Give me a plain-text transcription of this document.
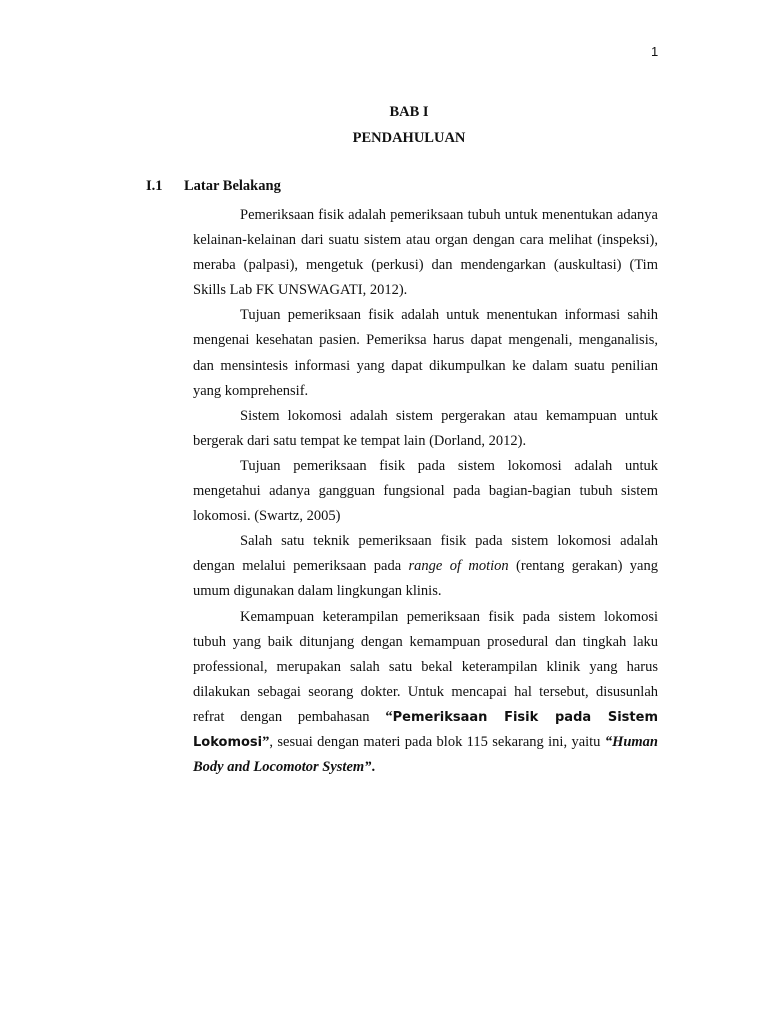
1
BAB I
PENDAHULUAN
I.1 Latar Belakang

Pemeriksaan fisik adalah pemeriksaan tubuh untuk menentukan adanya kelainan-kelainan dari suatu sistem atau organ dengan cara melihat (inspeksi), meraba (palpasi), mengetuk (perkusi) dan mendengarkan (auskultasi) (Tim Skills Lab FK UNSWAGATI, 2012).

Tujuan pemeriksaan fisik adalah untuk menentukan informasi sahih mengenai kesehatan pasien. Pemeriksa harus dapat mengenali, menganalisis, dan mensintesis informasi yang dapat dikumpulkan ke dalam suatu penilian yang komprehensif.

Sistem lokomosi adalah sistem pergerakan atau kemampuan untuk bergerak dari satu tempat ke tempat lain (Dorland, 2012).

Tujuan pemeriksaan fisik pada sistem lokomosi adalah untuk mengetahui adanya gangguan fungsional pada bagian-bagian tubuh sistem lokomosi. (Swartz, 2005)

Salah satu teknik pemeriksaan fisik pada sistem lokomosi adalah dengan melalui pemeriksaan pada range of motion (rentang gerakan) yang umum digunakan dalam lingkungan klinis.

Kemampuan keterampilan pemeriksaan fisik pada sistem lokomosi tubuh yang baik ditunjang dengan kemampuan prosedural dan tingkah laku professional, merupakan salah satu bekal keterampilan klinik yang harus dilakukan sebagai seorang dokter. Untuk mencapai hal tersebut, disusunlah refrat dengan pembahasan “Pemeriksaan Fisik pada Sistem Lokomosi”, sesuai dengan materi pada blok 115 sekarang ini, yaitu “Human Body and Locomotor System”.
